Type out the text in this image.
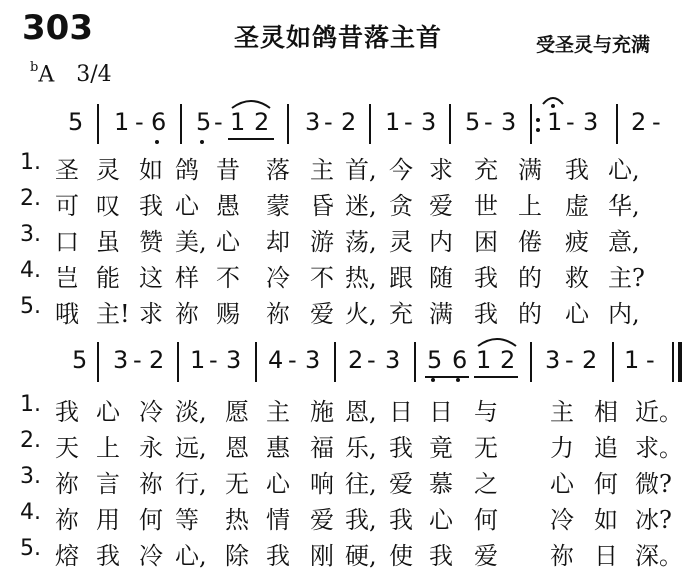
303	圣灵如鸽昔落主首	受圣灵与充满
$^b$A 3/4
5 1 - 6 5 - 1 2 3 - 2 1 - 3 5 - 3 1 - 3 2 -
1. 圣 灵 如 鸽 昔 落 主 首, 今 求 充 满 我 心,
2. 可 叹 我 心 愚 蒙 昏 迷, 贪 爱 世 上 虚 华,
3. 口 虽 赞 美, 心 却 游 荡, 灵 内 困 倦 疲 意,
4. 岂 能 这 样 不 冷 不 热, 跟 随 我 的 救 主?
5. 哦 主! 求 祢 赐 祢 爱 火, 充 满 我 的 心 内,
5 3 - 2 1 - 3 4 - 3 2 - 3 5 6 1 2 3 - 2 1 -
1. 我 心 冷 淡, 愿 主 施 恩, 日 日 与 主 相 近。
2. 天 上 永 远, 恩 惠 福 乐, 我 竟 无 力 追 求。
3. 祢 言 祢 行, 无 心 响 往, 爱 慕 之 心 何 微?
4. 祢 用 何 等 热 情 爱 我, 我 心 何 冷 如 冰?
5. 熔 我 冷 心, 除 我 刚 硬, 使 我 爱 祢 日 深。
